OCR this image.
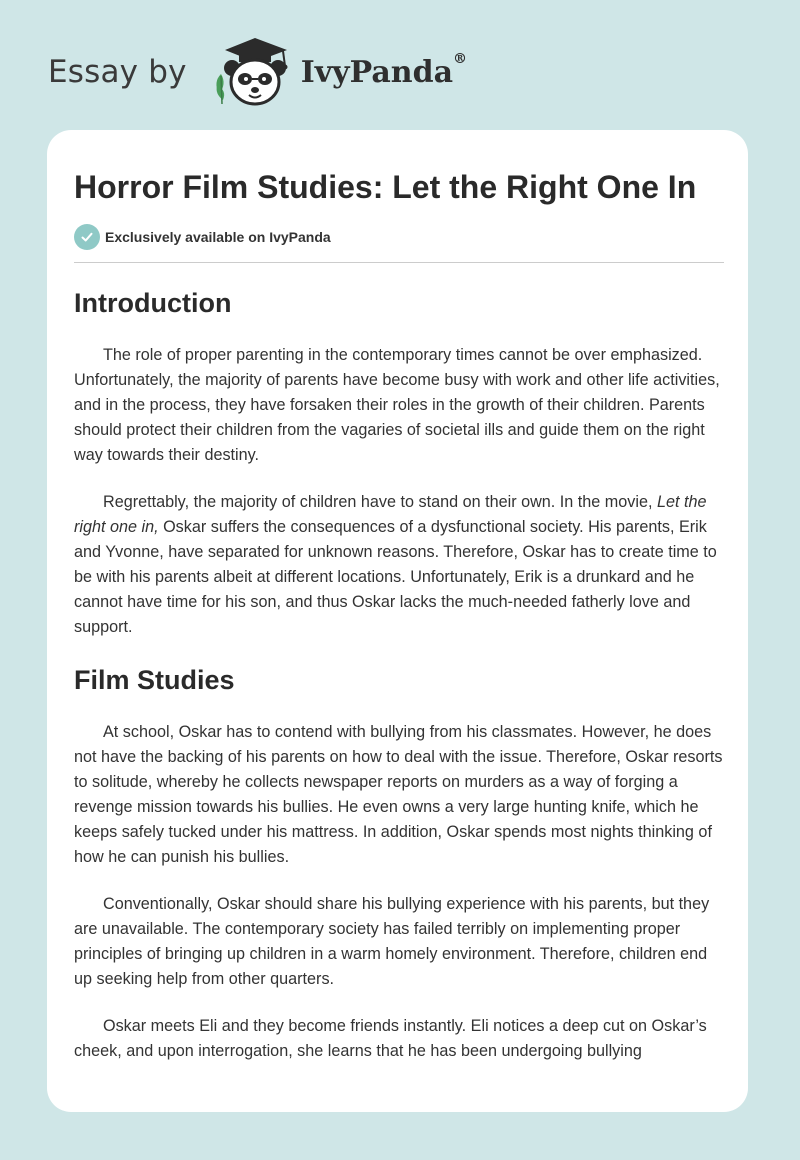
Essay by	IvyPanda®
Horror Film Studies: Let the Right One In
Exclusively available on IvyPanda
Introduction

The role of proper parenting in the contemporary times cannot be over emphasized. Unfortunately, the majority of parents have become busy with work and other life activities, and in the process, they have forsaken their roles in the growth of their children. Parents should protect their children from the vagaries of societal ills and guide them on the right way towards their destiny.

Regrettably, the majority of children have to stand on their own. In the movie, Let the right one in, Oskar suffers the consequences of a dysfunctional society. His parents, Erik and Yvonne, have separated for unknown reasons. Therefore, Oskar has to create time to be with his parents albeit at different locations. Unfortunately, Erik is a drunkard and he cannot have time for his son, and thus Oskar lacks the much-needed fatherly love and support.

Film Studies

At school, Oskar has to contend with bullying from his classmates. However, he does not have the backing of his parents on how to deal with the issue. Therefore, Oskar resorts to solitude, whereby he collects newspaper reports on murders as a way of forging a revenge mission towards his bullies. He even owns a very large hunting knife, which he keeps safely tucked under his mattress. In addition, Oskar spends most nights thinking of how he can punish his bullies.

Conventionally, Oskar should share his bullying experience with his parents, but they are unavailable. The contemporary society has failed terribly on implementing proper principles of bringing up children in a warm homely environment. Therefore, children end up seeking help from other quarters.

Oskar meets Eli and they become friends instantly. Eli notices a deep cut on Oskar’s cheek, and upon interrogation, she learns that he has been undergoing bullying
